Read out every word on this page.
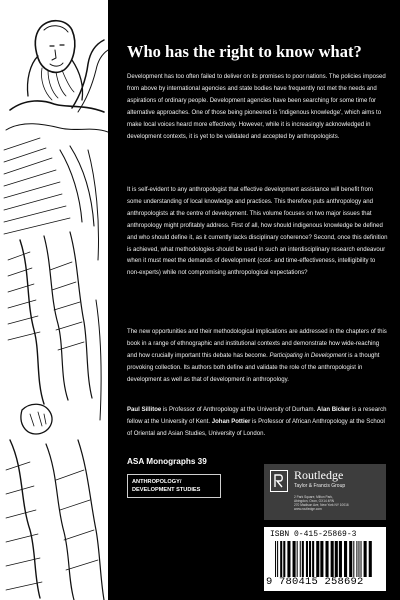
Who has the right to know what?

Development has too often failed to deliver on its promises to poor nations. The policies imposed from above by international agencies and state bodies have frequently not met the needs and aspirations of ordinary people. Development agencies have been searching for some time for alternative approaches. One of those being pioneered is 'indigenous knowledge', which aims to make local voices heard more effectively. However, while it is increasingly acknowledged in development contexts, it is yet to be validated and accepted by anthropologists.

It is self-evident to any anthropologist that effective development assistance will benefit from some understanding of local knowledge and practices. This therefore puts anthropology and anthropologists at the centre of development. This volume focuses on two major issues that anthropology might profitably address. First of all, how should indigenous knowledge be defined and who should define it, as it currently lacks disciplinary coherence? Second, once this definition is achieved, what methodologies should be used in such an interdisciplinary research endeavour when it must meet the demands of development (cost- and time-effectiveness, intelligibility to non-experts) while not compromising anthropological expectations?

The new opportunities and their methodological implications are addressed in the chapters of this book in a range of ethnographic and institutional contexts and demonstrate how wide-reaching and how crucially important this debate has become. Participating in Development is a thought provoking collection. Its authors both define and validate the role of the anthropologist in development as well as that of development in anthropology.

Paul Sillitoe is Professor of Anthropology at the University of Durham. Alan Bicker is a research fellow at the University of Kent. Johan Pottier is Professor of African Anthropology at the School of Oriental and Asian Studies, University of London.

ASA Monographs 39
ANTHROPOLOGY/
DEVELOPMENT STUDIES
Routledge
Taylor & Francis Group
2 Park Square, Milton Park,
Abingdon, Oxon, OX14 4RN
270 Madison Ave, New York NY 10016
www.routledge.com
ISBN 0-415-25869-3
9 780415 258692
